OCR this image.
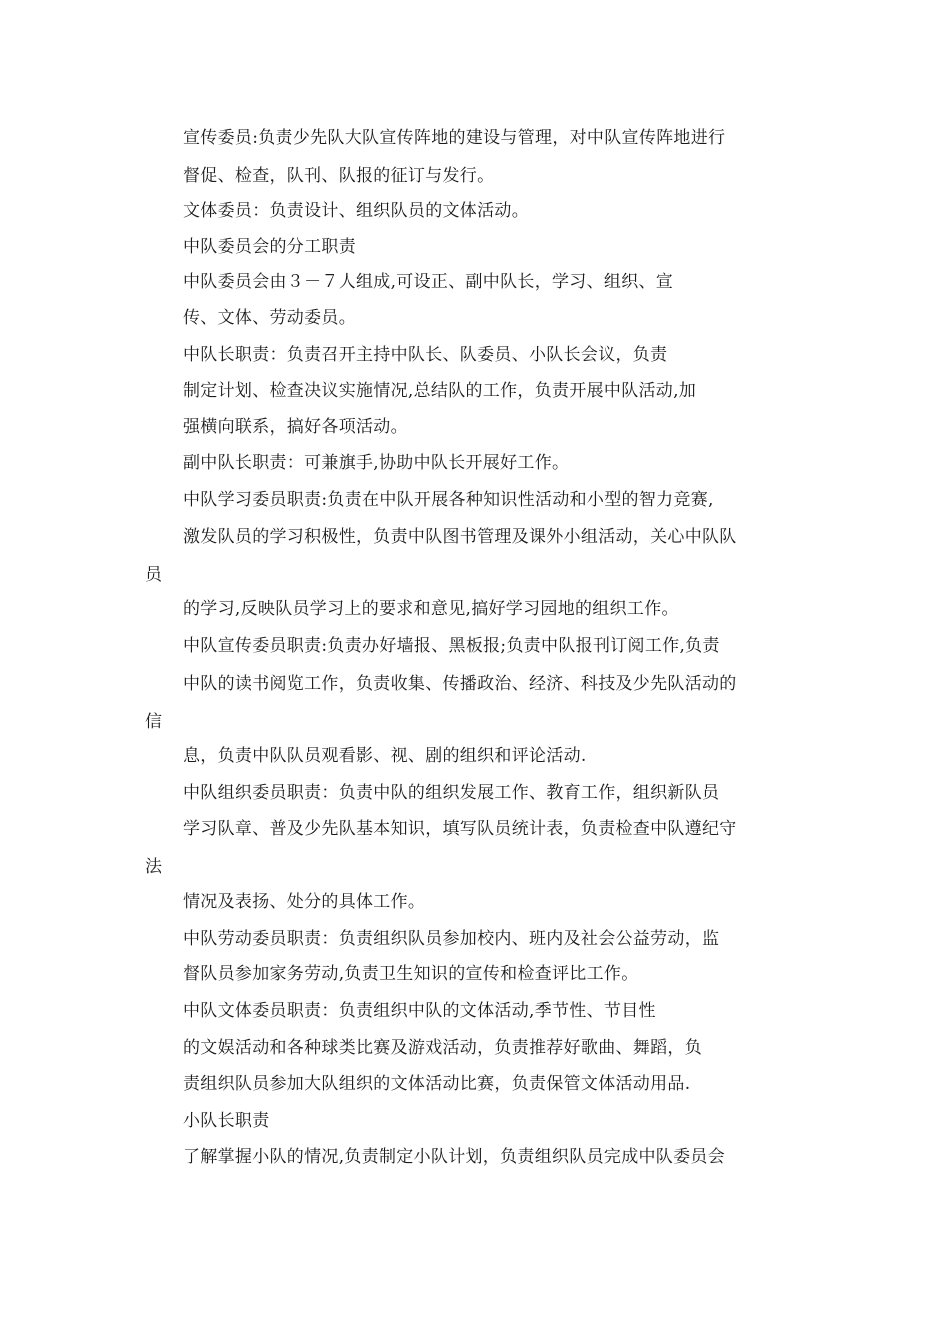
宣传委员:负责少先队大队宣传阵地的建设与管理，对中队宣传阵地进行
督促、检查，队刊、队报的征订与发行。
文体委员：负责设计、组织队员的文体活动。
中队委员会的分工职责
中队委员会由３－７人组成,可设正、副中队长，学习、组织、宣
传、文体、劳动委员。
中队长职责：负责召开主持中队长、队委员、小队长会议，负责
制定计划、检查决议实施情况,总结队的工作，负责开展中队活动,加
强横向联系，搞好各项活动。
副中队长职责：可兼旗手,协助中队长开展好工作。
中队学习委员职责:负责在中队开展各种知识性活动和小型的智力竞赛,
激发队员的学习积极性，负责中队图书管理及课外小组活动，关心中队队
员
的学习,反映队员学习上的要求和意见,搞好学习园地的组织工作。
中队宣传委员职责:负责办好墙报、黑板报;负责中队报刊订阅工作,负责
中队的读书阅览工作，负责收集、传播政治、经济、科技及少先队活动的
信
息，负责中队队员观看影、视、剧的组织和评论活动.
中队组织委员职责：负责中队的组织发展工作、教育工作，组织新队员
学习队章、普及少先队基本知识，填写队员统计表，负责检查中队遵纪守
法
情况及表扬、处分的具体工作。
中队劳动委员职责：负责组织队员参加校内、班内及社会公益劳动，监
督队员参加家务劳动,负责卫生知识的宣传和检查评比工作。
中队文体委员职责：负责组织中队的文体活动,季节性、节目性
的文娱活动和各种球类比赛及游戏活动，负责推荐好歌曲、舞蹈，负
责组织队员参加大队组织的文体活动比赛，负责保管文体活动用品.
小队长职责
了解掌握小队的情况,负责制定小队计划，负责组织队员完成中队委员会
